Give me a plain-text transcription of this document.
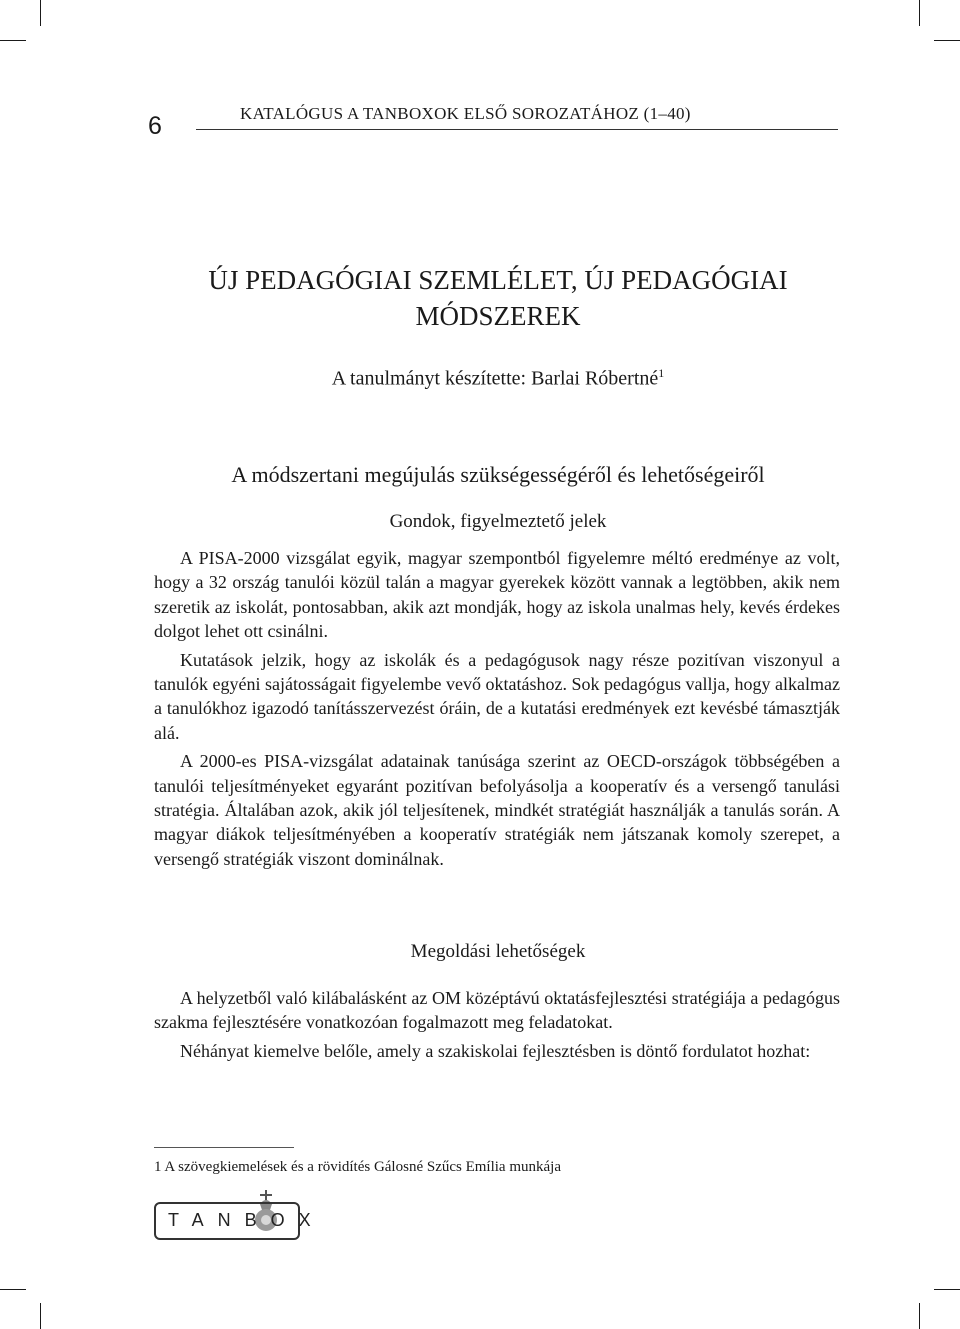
6	KATALÓGUS A TANBOXOK ELSŐ SOROZATÁHOZ (1–40)
ÚJ PEDAGÓGIAI SZEMLÉLET, ÚJ PEDAGÓGIAI
MÓDSZEREK
A tanulmányt készítette: Barlai Róbertné$^1$
A módszertani megújulás szükségességéről és lehetőségeiről
Gondok, figyelmeztető jelek

A PISA-2000 vizsgálat egyik, magyar szempontból figyelemre méltó eredménye az volt, hogy a 32 ország tanulói közül talán a magyar gyerekek között vannak a legtöbben, akik nem szeretik az iskolát, pontosabban, akik azt mondják, hogy az iskola unalmas hely, kevés érdekes dolgot lehet ott csinálni.

Kutatások jelzik, hogy az iskolák és a pedagógusok nagy része pozitívan viszonyul a tanulók egyéni sajátosságait figyelembe vevő oktatáshoz. Sok pedagógus vallja, hogy alkalmaz a tanulókhoz igazodó tanításszervezést óráin, de a kutatási eredmények ezt kevésbé támasztják alá.

A 2000-es PISA-vizsgálat adatainak tanúsága szerint az OECD-országok többségében a tanulói teljesítményeket egyaránt pozitívan befolyásolja a kooperatív és a versengő tanulási stratégia. Általában azok, akik jól teljesítenek, mindkét stratégiát használják a tanulás során. A magyar diákok teljesítményében a kooperatív stratégiák nem játszanak komoly szerepet, a versengő stratégiák viszont dominálnak.

Megoldási lehetőségek

A helyzetből való kilábalásként az OM középtávú oktatásfejlesztési stratégiája a pedagógus szakma fejlesztésére vonatkozóan fogalmazott meg feladatokat.

Néhányat kiemelve belőle, amely a szakiskolai fejlesztésben is döntő fordulatot hozhat:

1 A szövegkiemelések és a rövidítés Gálosné Szűcs Emília munkája
TANBOX
